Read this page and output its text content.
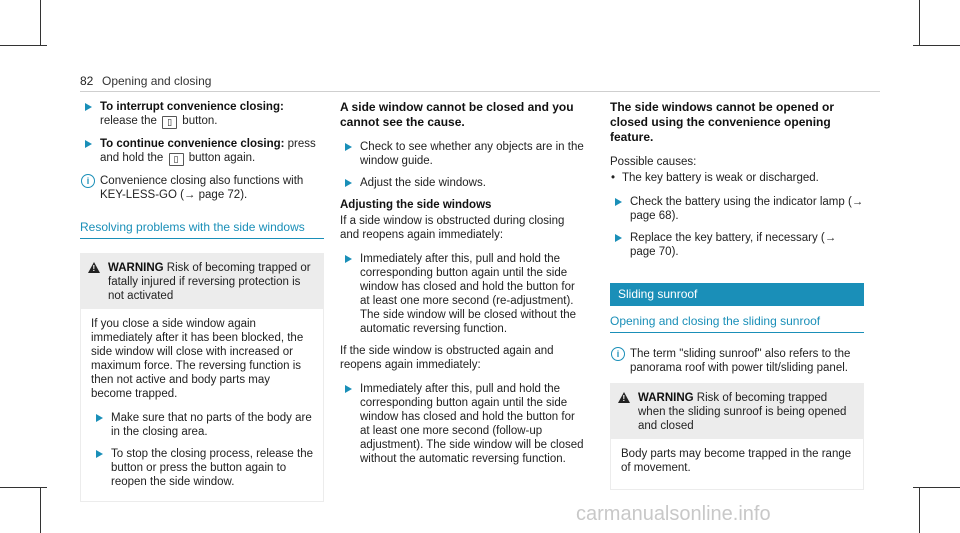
82 Opening and closing
To interrupt convenience closing: release the ▯ button.
To continue convenience closing: press and hold the ▯ button again.
i Convenience closing also functions with KEY-LESS-GO (→ page 72).
Resolving problems with the side windows
! WARNING Risk of becoming trapped or fatally injured if reversing protection is not activated

If you close a side window again immediately after it has been blocked, the side window will close with increased or maximum force. The reversing function is then not active and body parts may become trapped.

Make sure that no parts of the body are in the closing area.
To stop the closing process, release the button or press the button again to reopen the side window.
A side window cannot be closed and you cannot see the cause.
Check to see whether any objects are in the window guide.
Adjust the side windows.
Adjusting the side windows

If a side window is obstructed during closing and reopens again immediately:

Immediately after this, pull and hold the corresponding button again until the side window has closed and hold the button for at least one more second (re-adjustment). The side window will be closed without the automatic reversing function.

If the side window is obstructed again and reopens again immediately:

Immediately after this, pull and hold the corresponding button again until the side window has closed and hold the button for at least one more second (follow-up adjustment). The side window will be closed without the automatic reversing function.
The side windows cannot be opened or closed using the convenience opening feature.

Possible causes:

• The key battery is weak or discharged.
Check the battery using the indicator lamp (→ page 68).
Replace the key battery, if necessary (→ page 70).
Sliding sunroof
Opening and closing the sliding sunroof
i The term "sliding sunroof" also refers to the panorama roof with power tilt/sliding panel.
! WARNING Risk of becoming trapped when the sliding sunroof is being opened and closed

Body parts may become trapped in the range of movement.

carmanualsonline.info
